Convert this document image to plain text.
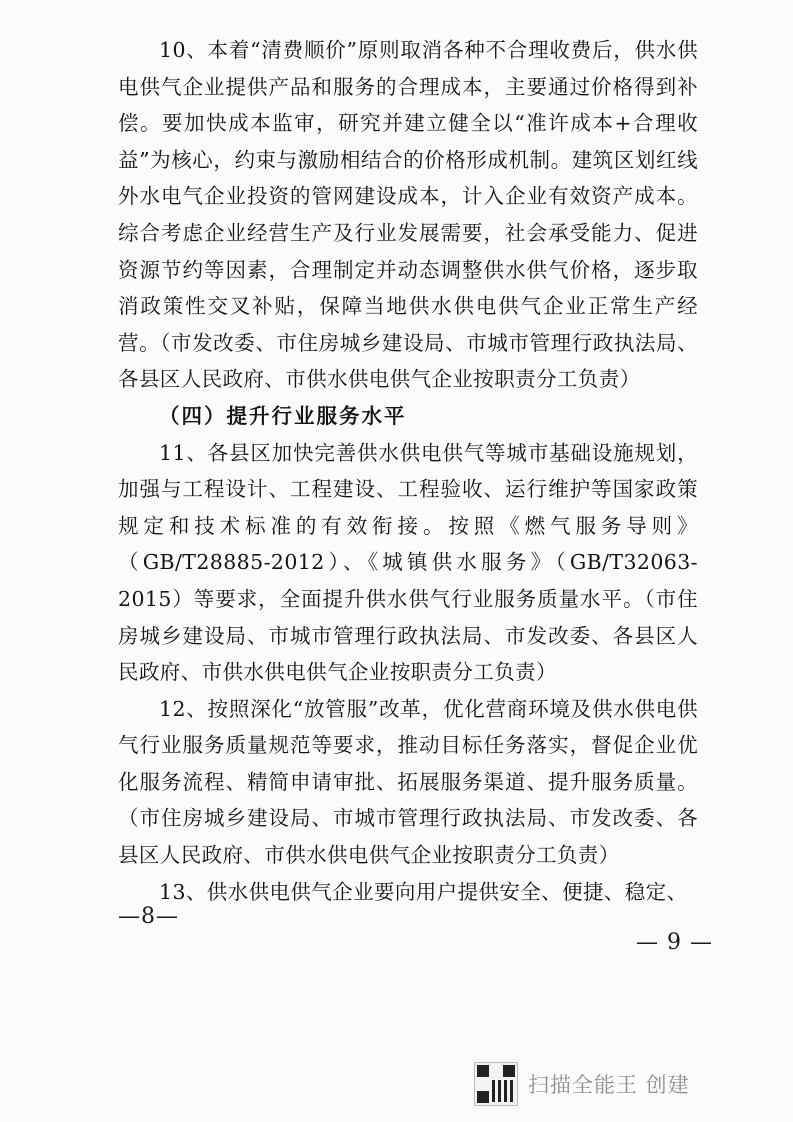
10、本着“清费顺价”原则取消各种不合理收费后，供水供电供气企业提供产品和服务的合理成本，主要通过价格得到补偿。要加快成本监审，研究并建立健全以“准许成本+合理收益”为核心，约束与激励相结合的价格形成机制。建筑区划红线外水电气企业投资的管网建设成本，计入企业有效资产成本。综合考虑企业经营生产及行业发展需要，社会承受能力、促进资源节约等因素，合理制定并动态调整供水供气价格，逐步取消政策性交叉补贴，保障当地供水供电供气企业正常生产经营。（市发改委、市住房城乡建设局、市城市管理行政执法局、各县区人民政府、市供水供电供气企业按职责分工负责）

（四）提升行业服务水平

11、各县区加快完善供水供电供气等城市基础设施规划，加强与工程设计、工程建设、工程验收、运行维护等国家政策规定和技术标准的有效衔接。按照《燃气服务导则》（GB/T28885-2012）、《城镇供水服务》（GB/T32063-2015）等要求，全面提升供水供气行业服务质量水平。（市住房城乡建设局、市城市管理行政执法局、市发改委、各县区人民政府、市供水供电供气企业按职责分工负责）

12、按照深化“放管服”改革，优化营商环境及供水供电供气行业服务质量规范等要求，推动目标任务落实，督促企业优化服务流程、精简申请审批、拓展服务渠道、提升服务质量。（市住房城乡建设局、市城市管理行政执法局、市发改委、各县区人民政府、市供水供电供气企业按职责分工负责）

13、供水供电供气企业要向用户提供安全、便捷、稳定、

—8—
— 9 —
扫描全能王 创建
